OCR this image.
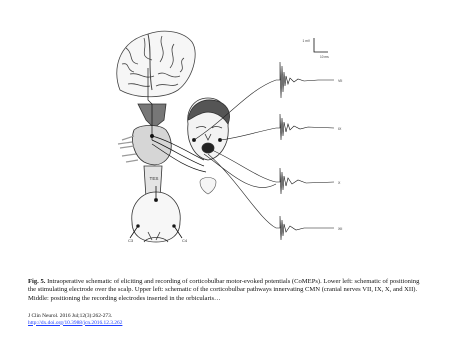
TES
C3	C4
1 mV
10 ms
VII
IX
X
XII
Fig. 5. Intraoperative schematic of eliciting and recording of corticobulbar motor-evoked potentials (CoMEPs). Lower left: schematic of positioning the stimulating electrode over the scalp. Upper left: schematic of the corticobulbar pathways innervating CMN (cranial nerves VII, IX, X, and XII). Middle: positioning the recording electrodes inserted in the orbicularis…
J Clin Neurol. 2016 Jul;12(3):262-273.
http://dx.doi.org/10.3988/jcn.2016.12.3.262
